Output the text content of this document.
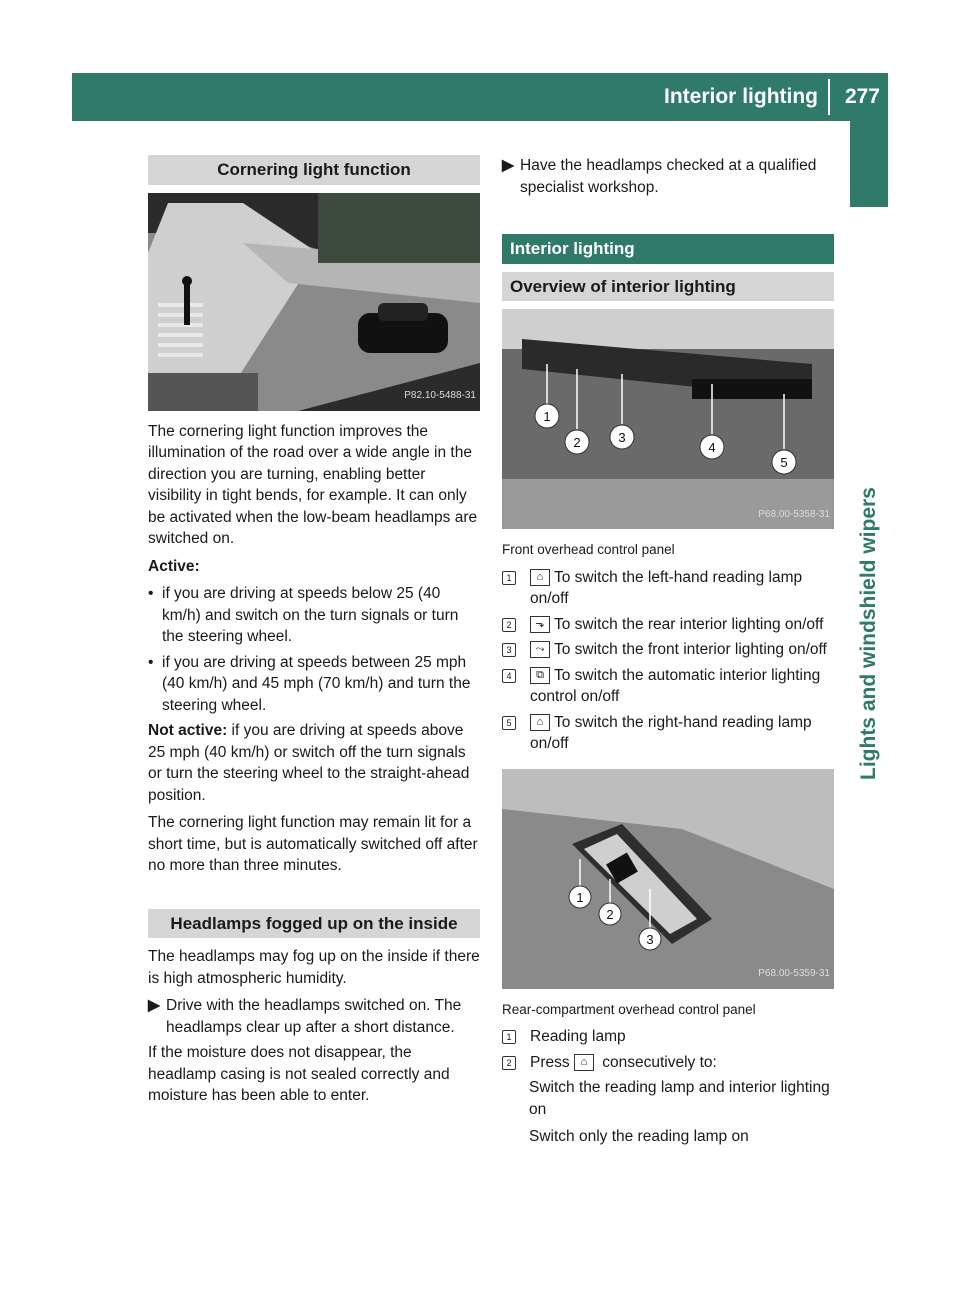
Interior lighting 277
Lights and windshield wipers
Cornering light function
P82.10-5488-31

The cornering light function improves the illumination of the road over a wide angle in the direction you are turning, enabling better visibility in tight bends, for example. It can only be activated when the low-beam headlamps are switched on.

Active:

• if you are driving at speeds below 25 (40 km/h) and switch on the turn signals or turn the steering wheel.
• if you are driving at speeds between 25 mph (40 km/h) and 45 mph (70 km/h) and turn the steering wheel.

Not active: if you are driving at speeds above 25 mph (40 km/h) or switch off the turn signals or turn the steering wheel to the straight-ahead position.

The cornering light function may remain lit for a short time, but is automatically switched off after no more than three minutes.

Headlamps fogged up on the inside

The headlamps may fog up on the inside if there is high atmospheric humidity.

▶ Drive with the headlamps switched on. The headlamps clear up after a short distance.

If the moisture does not disappear, the headlamp casing is not sealed correctly and moisture has been able to enter.

▶ Have the headlamps checked at a qualified specialist workshop.
Interior lighting
Overview of interior lighting
1
2	3
4
5
P68.00-5358-31
Front overhead control panel
1	⌂ To switch the left-hand reading lamp on/off
2	⬎ To switch the rear interior lighting on/off
3	⤳ To switch the front interior lighting on/off
4	⧉ To switch the automatic interior lighting control on/off
5	⌂ To switch the right-hand reading lamp on/off
1
2
3
P68.00-5359-31
Rear-compartment overhead control panel
1 Reading lamp
2 Press ⌂ consecutively to:

Switch the reading lamp and interior lighting on

Switch only the reading lamp on
